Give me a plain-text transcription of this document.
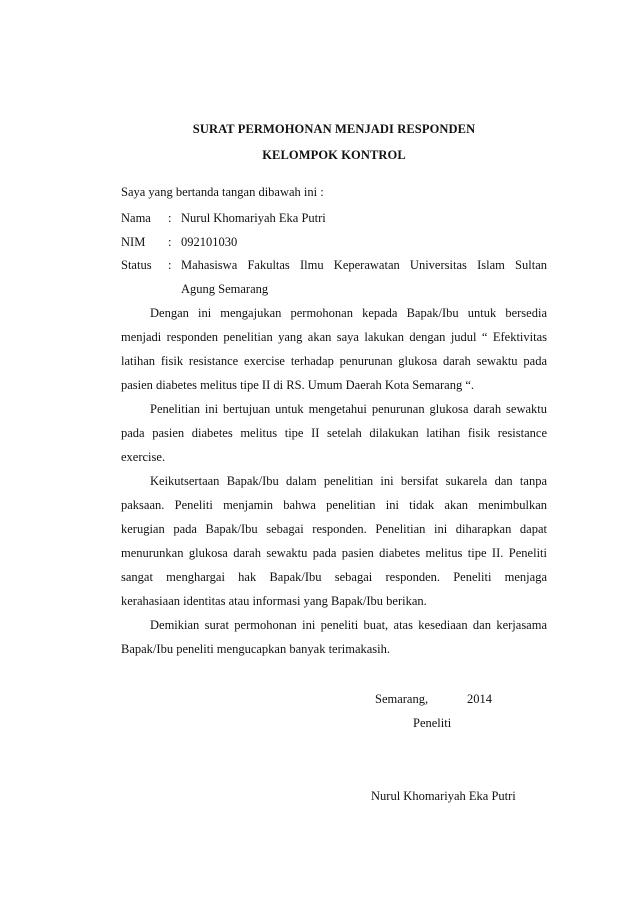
SURAT PERMOHONAN MENJADI RESPONDEN
KELOMPOK KONTROL
Saya yang bertanda tangan dibawah ini :
Nama : Nurul Khomariyah Eka Putri
NIM : 092101030
Status : Mahasiswa Fakultas Ilmu Keperawatan Universitas Islam Sultan
Agung Semarang
Dengan ini mengajukan permohonan kepada Bapak/Ibu untuk bersedia
menjadi responden penelitian yang akan saya lakukan dengan judul “ Efektivitas
latihan fisik resistance exercise terhadap penurunan glukosa darah sewaktu pada
pasien diabetes melitus tipe II di RS. Umum Daerah Kota Semarang “.
Penelitian ini bertujuan untuk mengetahui penurunan glukosa darah sewaktu
pada pasien diabetes melitus tipe II setelah dilakukan latihan fisik resistance
exercise.
Keikutsertaan Bapak/Ibu dalam penelitian ini bersifat sukarela dan tanpa
paksaan. Peneliti menjamin bahwa penelitian ini tidak akan menimbulkan
kerugian pada Bapak/Ibu sebagai responden. Penelitian ini diharapkan dapat
menurunkan glukosa darah sewaktu pada pasien diabetes melitus tipe II. Peneliti
sangat menghargai hak Bapak/Ibu sebagai responden. Peneliti menjaga
kerahasiaan identitas atau informasi yang Bapak/Ibu berikan.
Demikian surat permohonan ini peneliti buat, atas kesediaan dan kerjasama
Bapak/Ibu peneliti mengucapkan banyak terimakasih.
Semarang,	2014
Peneliti
Nurul Khomariyah Eka Putri
